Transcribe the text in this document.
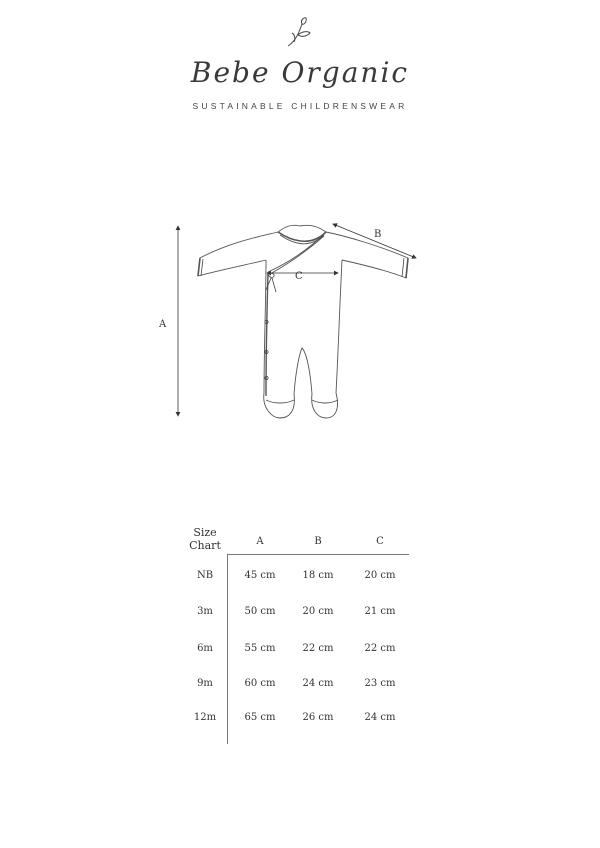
Bebe Organic
SUSTAINABLE CHILDRENSWEAR
A
B
C
Size
Chart	A	B	C
NB	45 cm	18 cm	20 cm
3m	50 cm	20 cm	21 cm
6m	55 cm	22 cm	22 cm
9m	60 cm	24 cm	23 cm
12m	65 cm	26 cm	24 cm
